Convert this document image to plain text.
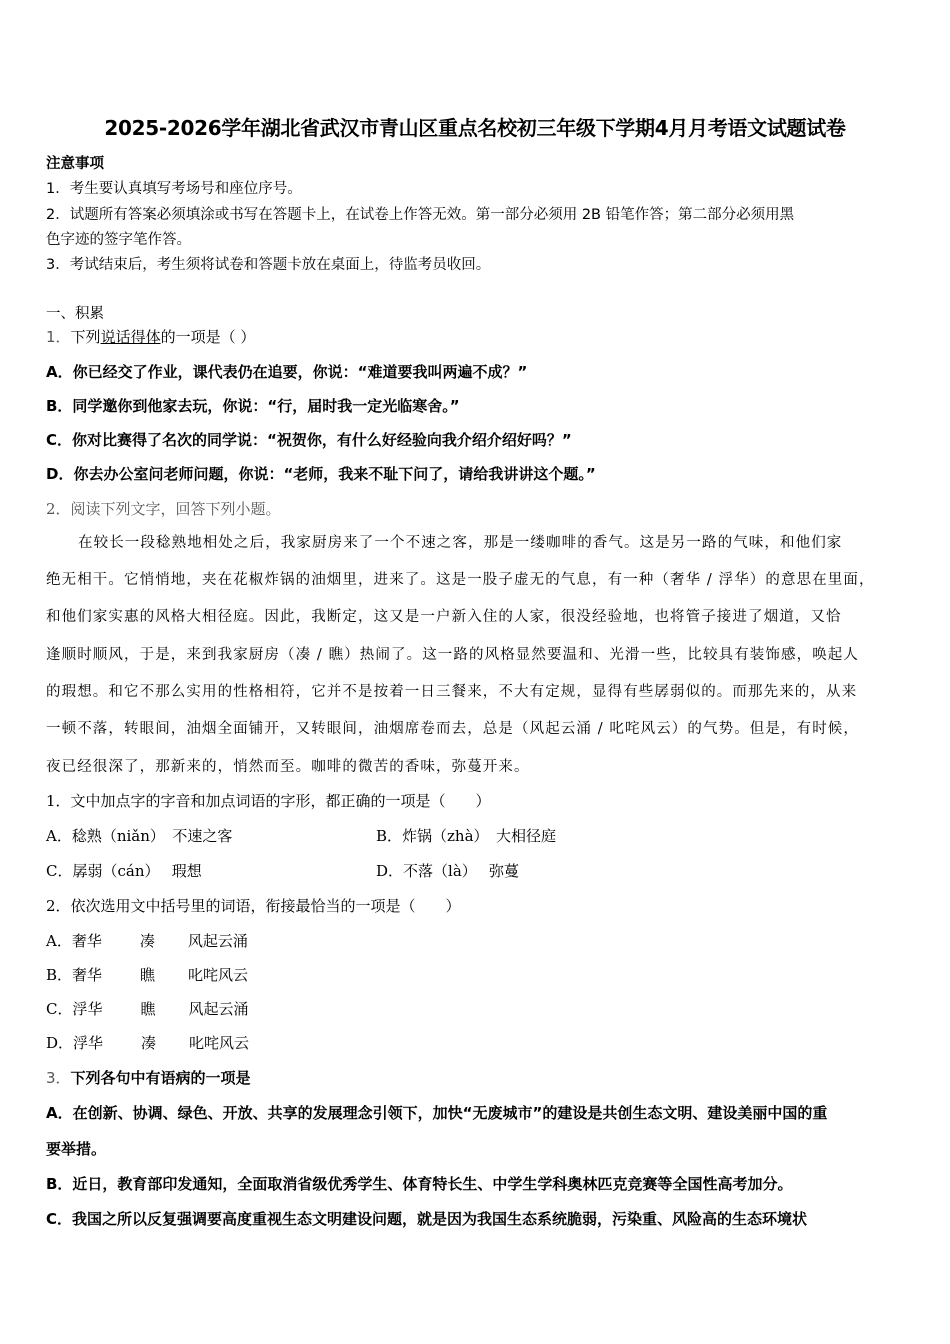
2025-2026学年湖北省武汉市青山区重点名校初三年级下学期4月月考语文试题试卷
注意事项
1．考生要认真填写考场号和座位序号。
2．试题所有答案必须填涂或书写在答题卡上，在试卷上作答无效。第一部分必须用 2B 铅笔作答；第二部分必须用黑
色字迹的签字笔作答。
3．考试结束后，考生须将试卷和答题卡放在桌面上，待监考员收回。
一、积累
1．下列说话得体的一项是（ ）
A．你已经交了作业，课代表仍在追要，你说：“难道要我叫两遍不成？”
B．同学邀你到他家去玩，你说：“行，届时我一定光临寒舍。”
C．你对比赛得了名次的同学说：“祝贺你，有什么好经验向我介绍介绍好吗？”
D．你去办公室问老师问题，你说：“老师，我来不耻下问了，请给我讲讲这个题。”
2．阅读下列文字，回答下列小题。
在较长一段稔熟地相处之后，我家厨房来了一个不速之客，那是一缕咖啡的香气。这是另一路的气味，和他们家
绝无相干。它悄悄地，夹在花椒炸锅的油烟里，进来了。这是一股子虚无的气息，有一种（奢华 / 浮华）的意思在里面，
和他们家实惠的风格大相径庭。因此，我断定，这又是一户新入住的人家，很没经验地，也将管子接进了烟道，又恰
逢顺时顺风，于是，来到我家厨房（凑 / 瞧）热闹了。这一路的风格显然要温和、光滑一些，比较具有装饰感，唤起人
的瑕想。和它不那么实用的性格相符，它并不是按着一日三餐来，不大有定规，显得有些孱弱似的。而那先来的，从来
一顿不落，转眼间，油烟全面铺开，又转眼间，油烟席卷而去，总是（风起云涌 / 叱咤风云）的气势。但是，有时候，
夜已经很深了，那新来的，悄然而至。咖啡的微苦的香味，弥蔓开来。
1．文中加点字的字音和加点词语的字形，都正确的一项是（　　）
A．稔熟（niǎn）　不速之客	B．炸锅（zhà）　大相径庭
C．孱弱（cán）　 瑕想	D．不落（là）　 弥蔓
2．依次选用文中括号里的词语，衔接最恰当的一项是（　　）
A．奢华	凑 风起云涌
B．奢华	瞧 叱咤风云
C．浮华	瞧 风起云涌
D．浮华	凑 叱咤风云
3．下列各句中有语病的一项是
A．在创新、协调、绿色、开放、共享的发展理念引领下，加快“无废城市”的建设是共创生态文明、建设美丽中国的重
要举措。
B．近日，教育部印发通知，全面取消省级优秀学生、体育特长生、中学生学科奥林匹克竞赛等全国性高考加分。
C．我国之所以反复强调要高度重视生态文明建设问题，就是因为我国生态系统脆弱，污染重、风险高的生态环境状
